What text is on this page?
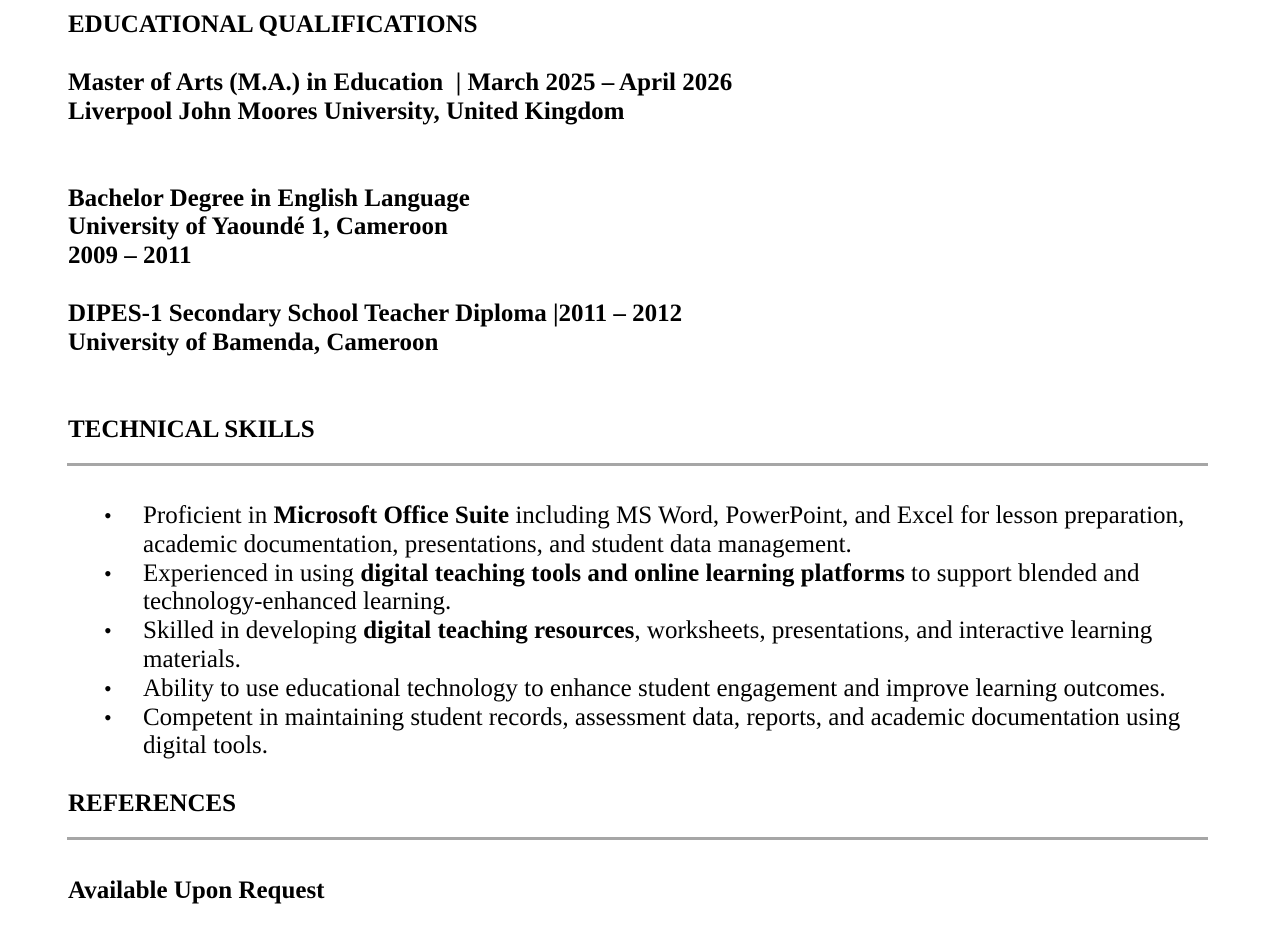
EDUCATIONAL QUALIFICATIONS
Master of Arts (M.A.) in Education  | March 2025 – April 2026
Liverpool John Moores University, United Kingdom
Bachelor Degree in English Language
University of Yaoundé 1, Cameroon
2009 – 2011
DIPES-1 Secondary School Teacher Diploma |2011 – 2012
University of Bamenda, Cameroon
TECHNICAL SKILLS
• Proficient in Microsoft Office Suite including MS Word, PowerPoint, and Excel for lesson preparation, academic documentation, presentations, and student data management.
• Experienced in using digital teaching tools and online learning platforms to support blended and technology-enhanced learning.
• Skilled in developing digital teaching resources, worksheets, presentations, and interactive learning materials.
• Ability to use educational technology to enhance student engagement and improve learning outcomes.
• Competent in maintaining student records, assessment data, reports, and academic documentation using digital tools.
REFERENCES
Available Upon Request
